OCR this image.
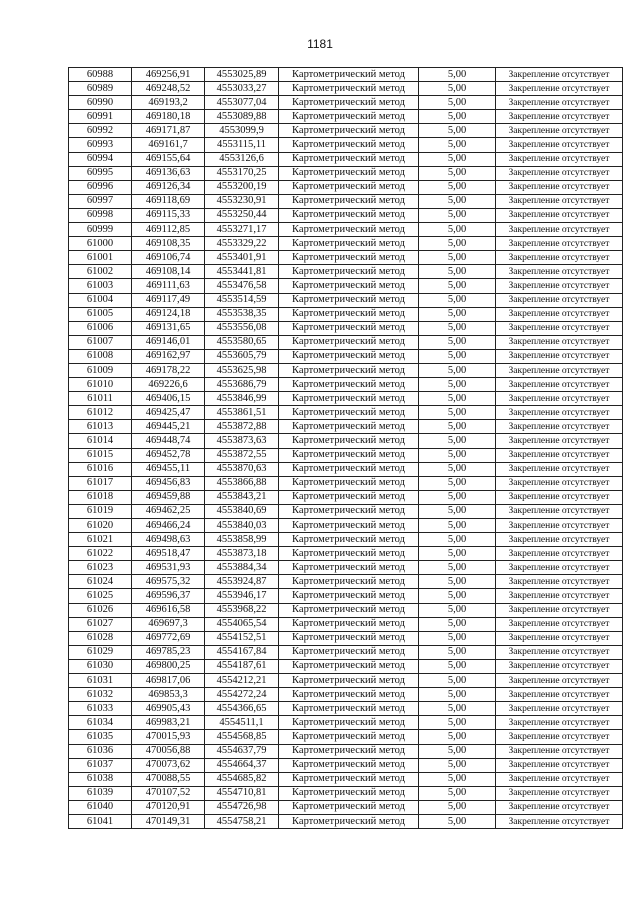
1181
60988	469256,91	4553025,89	Картометрический метод	5,00	Закрепление отсутствует
60989	469248,52	4553033,27	Картометрический метод	5,00	Закрепление отсутствует
60990	469193,2	4553077,04	Картометрический метод	5,00	Закрепление отсутствует
60991	469180,18	4553089,88	Картометрический метод	5,00	Закрепление отсутствует
60992	469171,87	4553099,9	Картометрический метод	5,00	Закрепление отсутствует
60993	469161,7	4553115,11	Картометрический метод	5,00	Закрепление отсутствует
60994	469155,64	4553126,6	Картометрический метод	5,00	Закрепление отсутствует
60995	469136,63	4553170,25	Картометрический метод	5,00	Закрепление отсутствует
60996	469126,34	4553200,19	Картометрический метод	5,00	Закрепление отсутствует
60997	469118,69	4553230,91	Картометрический метод	5,00	Закрепление отсутствует
60998	469115,33	4553250,44	Картометрический метод	5,00	Закрепление отсутствует
60999	469112,85	4553271,17	Картометрический метод	5,00	Закрепление отсутствует
61000	469108,35	4553329,22	Картометрический метод	5,00	Закрепление отсутствует
61001	469106,74	4553401,91	Картометрический метод	5,00	Закрепление отсутствует
61002	469108,14	4553441,81	Картометрический метод	5,00	Закрепление отсутствует
61003	469111,63	4553476,58	Картометрический метод	5,00	Закрепление отсутствует
61004	469117,49	4553514,59	Картометрический метод	5,00	Закрепление отсутствует
61005	469124,18	4553538,35	Картометрический метод	5,00	Закрепление отсутствует
61006	469131,65	4553556,08	Картометрический метод	5,00	Закрепление отсутствует
61007	469146,01	4553580,65	Картометрический метод	5,00	Закрепление отсутствует
61008	469162,97	4553605,79	Картометрический метод	5,00	Закрепление отсутствует
61009	469178,22	4553625,98	Картометрический метод	5,00	Закрепление отсутствует
61010	469226,6	4553686,79	Картометрический метод	5,00	Закрепление отсутствует
61011	469406,15	4553846,99	Картометрический метод	5,00	Закрепление отсутствует
61012	469425,47	4553861,51	Картометрический метод	5,00	Закрепление отсутствует
61013	469445,21	4553872,88	Картометрический метод	5,00	Закрепление отсутствует
61014	469448,74	4553873,63	Картометрический метод	5,00	Закрепление отсутствует
61015	469452,78	4553872,55	Картометрический метод	5,00	Закрепление отсутствует
61016	469455,11	4553870,63	Картометрический метод	5,00	Закрепление отсутствует
61017	469456,83	4553866,88	Картометрический метод	5,00	Закрепление отсутствует
61018	469459,88	4553843,21	Картометрический метод	5,00	Закрепление отсутствует
61019	469462,25	4553840,69	Картометрический метод	5,00	Закрепление отсутствует
61020	469466,24	4553840,03	Картометрический метод	5,00	Закрепление отсутствует
61021	469498,63	4553858,99	Картометрический метод	5,00	Закрепление отсутствует
61022	469518,47	4553873,18	Картометрический метод	5,00	Закрепление отсутствует
61023	469531,93	4553884,34	Картометрический метод	5,00	Закрепление отсутствует
61024	469575,32	4553924,87	Картометрический метод	5,00	Закрепление отсутствует
61025	469596,37	4553946,17	Картометрический метод	5,00	Закрепление отсутствует
61026	469616,58	4553968,22	Картометрический метод	5,00	Закрепление отсутствует
61027	469697,3	4554065,54	Картометрический метод	5,00	Закрепление отсутствует
61028	469772,69	4554152,51	Картометрический метод	5,00	Закрепление отсутствует
61029	469785,23	4554167,84	Картометрический метод	5,00	Закрепление отсутствует
61030	469800,25	4554187,61	Картометрический метод	5,00	Закрепление отсутствует
61031	469817,06	4554212,21	Картометрический метод	5,00	Закрепление отсутствует
61032	469853,3	4554272,24	Картометрический метод	5,00	Закрепление отсутствует
61033	469905,43	4554366,65	Картометрический метод	5,00	Закрепление отсутствует
61034	469983,21	4554511,1	Картометрический метод	5,00	Закрепление отсутствует
61035	470015,93	4554568,85	Картометрический метод	5,00	Закрепление отсутствует
61036	470056,88	4554637,79	Картометрический метод	5,00	Закрепление отсутствует
61037	470073,62	4554664,37	Картометрический метод	5,00	Закрепление отсутствует
61038	470088,55	4554685,82	Картометрический метод	5,00	Закрепление отсутствует
61039	470107,52	4554710,81	Картометрический метод	5,00	Закрепление отсутствует
61040	470120,91	4554726,98	Картометрический метод	5,00	Закрепление отсутствует
61041	470149,31	4554758,21	Картометрический метод	5,00	Закрепление отсутствует
